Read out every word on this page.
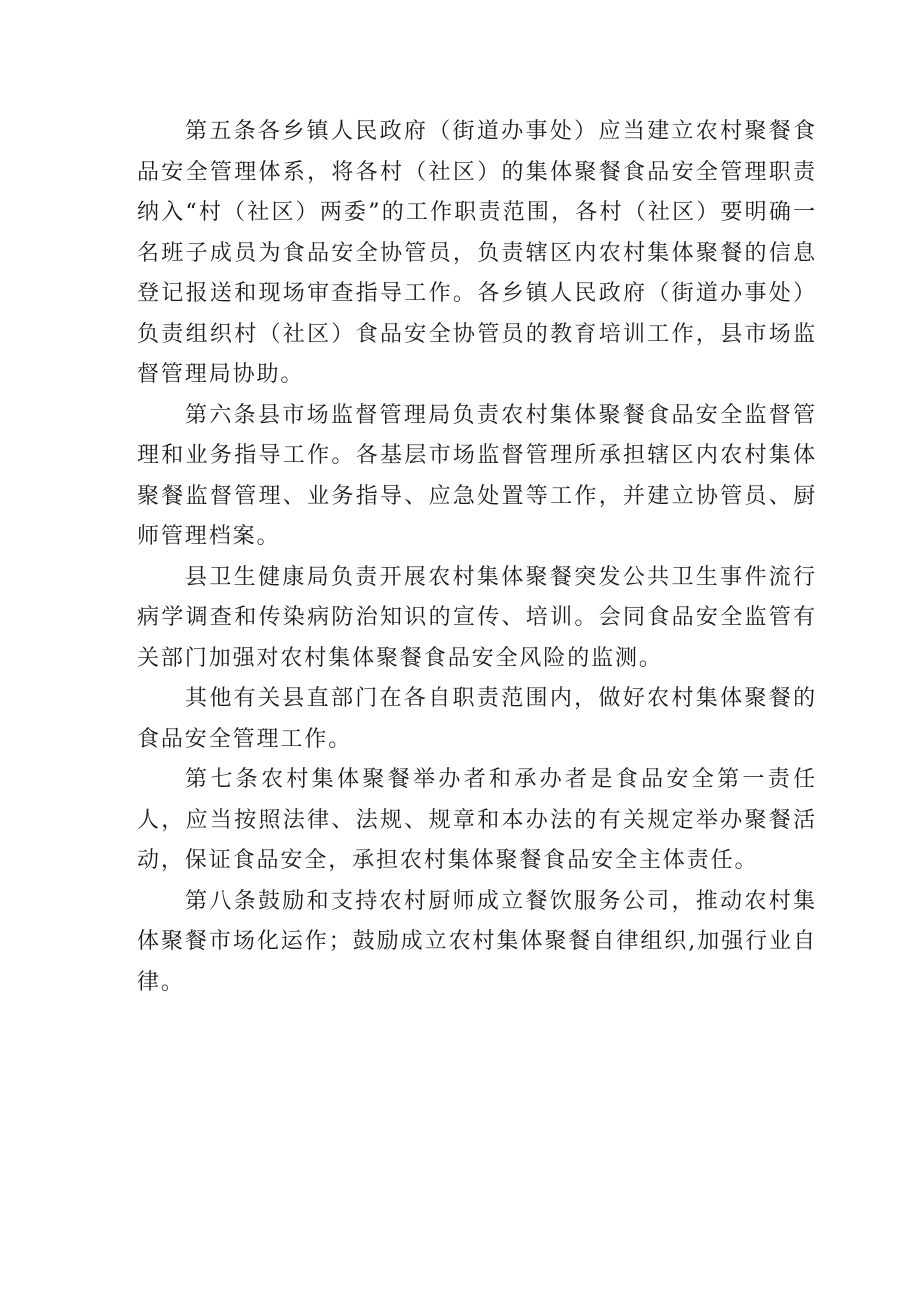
第五条各乡镇人民政府（街道办事处）应当建立农村聚餐食品安全管理体系，将各村（社区）的集体聚餐食品安全管理职责纳入“村（社区）两委”的工作职责范围，各村（社区）要明确一名班子成员为食品安全协管员，负责辖区内农村集体聚餐的信息登记报送和现场审查指导工作。各乡镇人民政府（街道办事处）负责组织村（社区）食品安全协管员的教育培训工作，县市场监督管理局协助。

第六条县市场监督管理局负责农村集体聚餐食品安全监督管理和业务指导工作。各基层市场监督管理所承担辖区内农村集体聚餐监督管理、业务指导、应急处置等工作，并建立协管员、厨师管理档案。

县卫生健康局负责开展农村集体聚餐突发公共卫生事件流行病学调查和传染病防治知识的宣传、培训。会同食品安全监管有关部门加强对农村集体聚餐食品安全风险的监测。

其他有关县直部门在各自职责范围内，做好农村集体聚餐的食品安全管理工作。

第七条农村集体聚餐举办者和承办者是食品安全第一责任人，应当按照法律、法规、规章和本办法的有关规定举办聚餐活动，保证食品安全，承担农村集体聚餐食品安全主体责任。

第八条鼓励和支持农村厨师成立餐饮服务公司，推动农村集体聚餐市场化运作；鼓励成立农村集体聚餐自律组织,加强行业自律。
